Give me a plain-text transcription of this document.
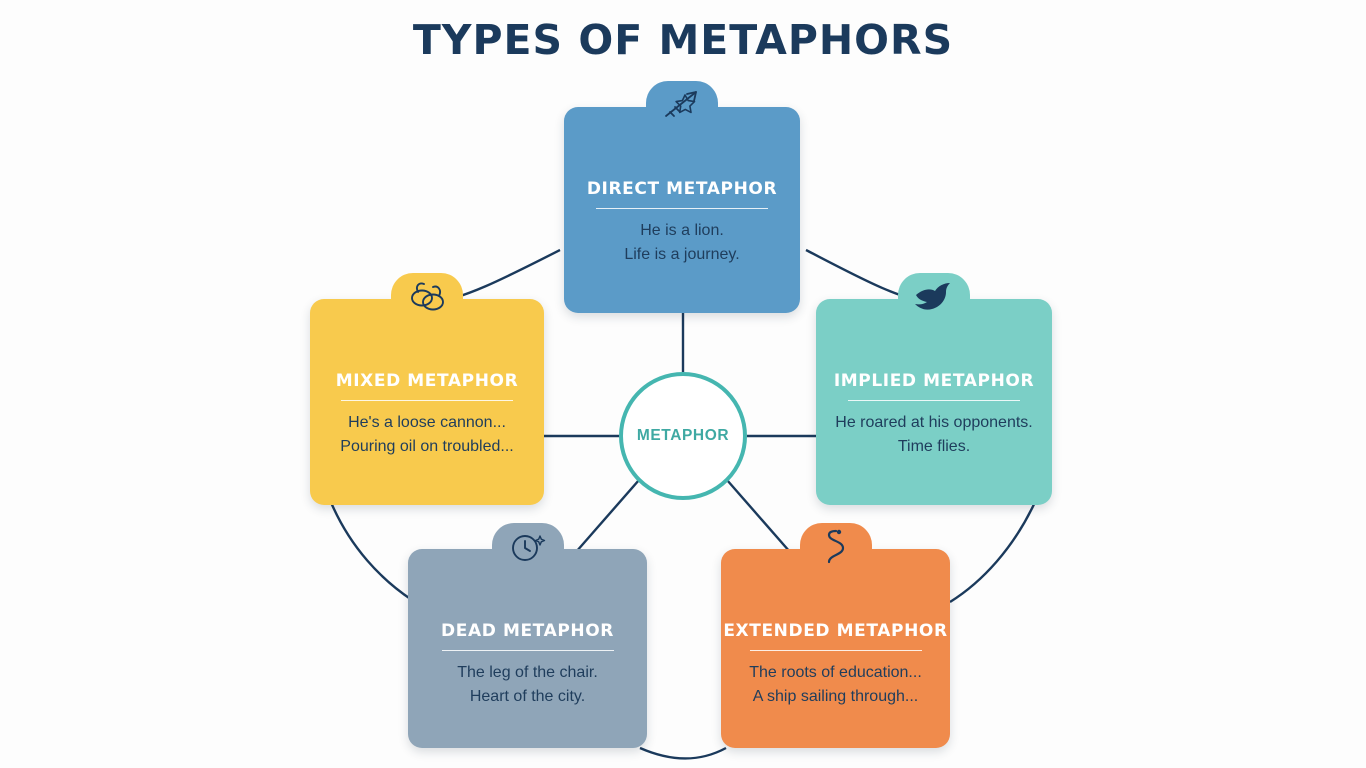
TYPES OF METAPHORS
METAPHOR
DIRECT METAPHOR
He is a lion.
Life is a journey.
IMPLIED METAPHOR
He roared at his opponents.
Time flies.
MIXED METAPHOR
He's a loose cannon...
Pouring oil on troubled...
EXTENDED METAPHOR
The roots of education...
A ship sailing through...
DEAD METAPHOR
The leg of the chair.
Heart of the city.
